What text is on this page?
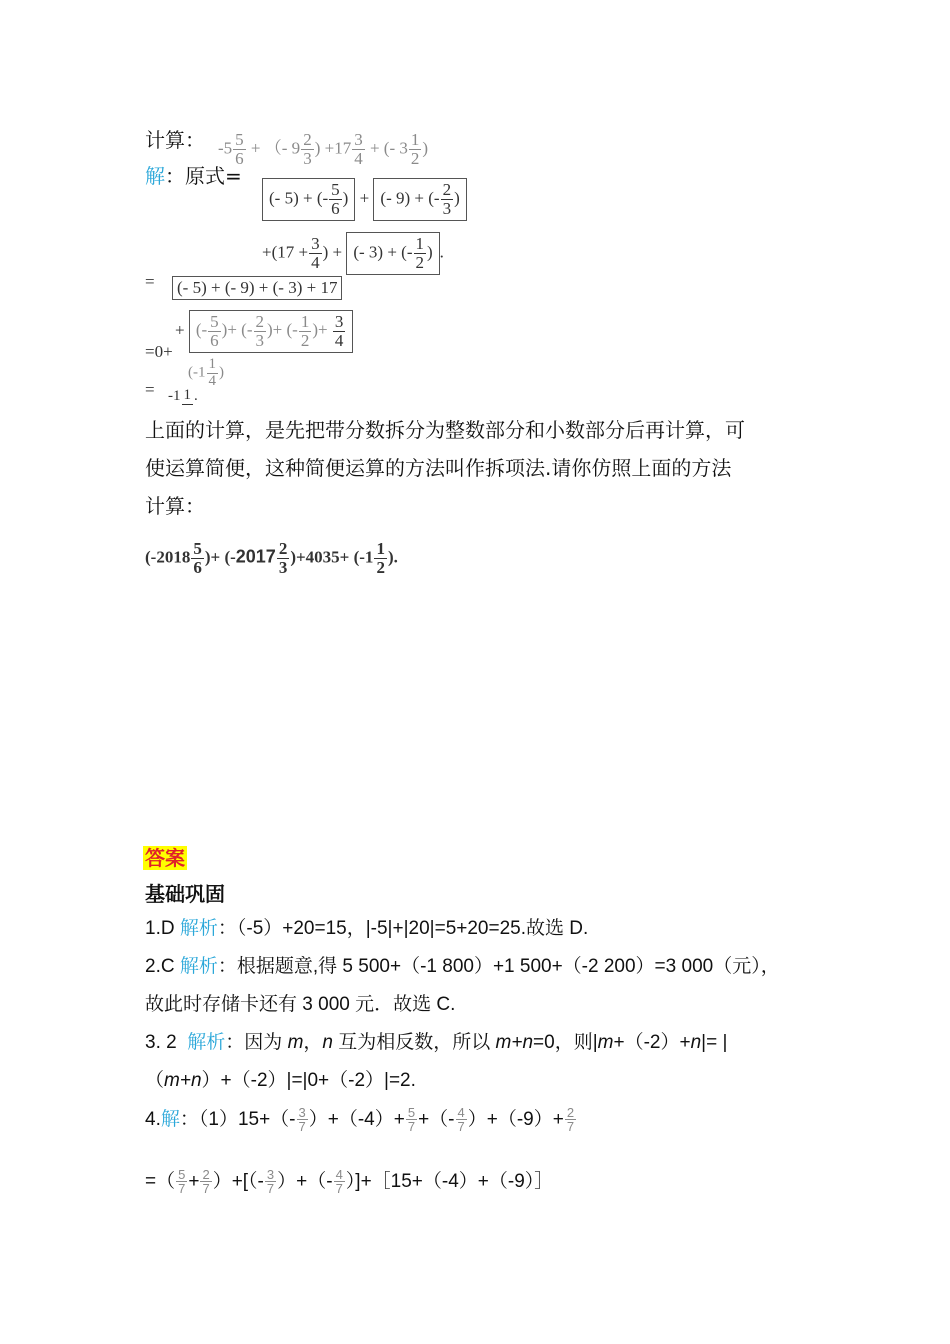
计算： $-5 \frac{5}{6}$ + （- $9 \frac{2}{3}$ ) $+17 \frac{3}{4}$ + (- $3 \frac{1}{2}$ )
解：原式=
(- 5) + (- $\frac{5}{6}$ ) + (- 9) + (- $\frac{2}{3}$ )
$+(17 + \frac{3}{4}$ ) + (- 3) + (- $\frac{1}{2}$ ) .
= (- 5) + (- 9) + (- 3) + 17
=0+
+ (- $\frac{5}{6}$ )+ (- $\frac{2}{3}$ )+ (- $\frac{1}{2}$ )+ $\frac{3}{4}$
=
($-1 \frac{1}{4}$ )
-1 1 .
上面的计算，是先把带分数拆分为整数部分和小数部分后再计算，可
使运算简便，这种简便运算的方法叫作拆项法.请你仿照上面的方法
计算：
($-2018 \frac{5}{6}$ )+ $(-2017 \frac{2}{3} )+4035+ (-1 \frac{1}{2}$ ).
答案
基础巩固
1.D 解析：（-5）+20=15，|-5|+|20|=5+20=25.故选 D.
2.C 解析：根据题意,得 5 500+（-1 800）+1 500+（-2 200）=3 000（元），
故此时存储卡还有 3 000 元．故选 C.
3. 2 解析：因为 m，n 互为相反数，所以 m+n=0，则|m+（-2）+n|= |
（m+n）+（-2）|=|0+（-2）|=2.
4.解：$(1)15+(- \frac{3}{7} )+(-4)+ \frac{5}{7}$ +（- $\frac{4}{7} )+(-9)+ \frac{2}{7}$
=（ $\frac{5}{7} + \frac{2}{7}$ ）+[（- $\frac{3}{7}$ ）+（- $\frac{4}{7}$ ）]+［15+（-4）+（-9）］
